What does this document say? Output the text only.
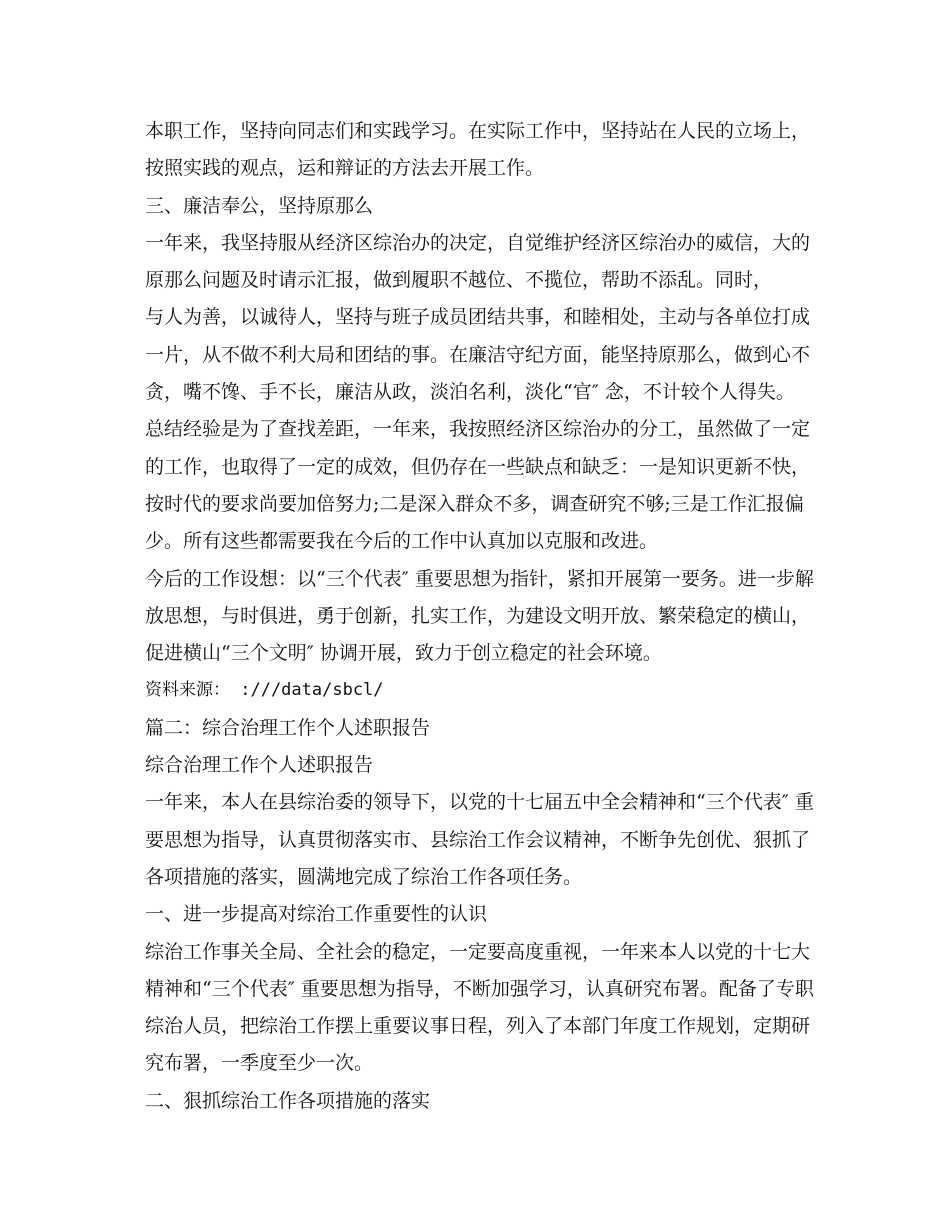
本职工作，坚持向同志们和实践学习。在实际工作中，坚持站在人民的立场上，

按照实践的观点，运和辩证的方法去开展工作。

三、廉洁奉公，坚持原那么

一年来，我坚持服从经济区综治办的决定，自觉维护经济区综治办的威信，大的

原那么问题及时请示汇报，做到履职不越位、不揽位，帮助不添乱。同时，

与人为善，以诚待人，坚持与班子成员团结共事，和睦相处，主动与各单位打成

一片，从不做不利大局和团结的事。在廉洁守纪方面，能坚持原那么，做到心不

贪，嘴不馋、手不长，廉洁从政，淡泊名利，淡化“官″ 念，不计较个人得失。

总结经验是为了查找差距，一年来，我按照经济区综治办的分工，虽然做了一定

的工作，也取得了一定的成效，但仍存在一些缺点和缺乏：一是知识更新不快，

按时代的要求尚要加倍努力;二是深入群众不多，调查研究不够;三是工作汇报偏

少。所有这些都需要我在今后的工作中认真加以克服和改进。

今后的工作设想：以“三个代表″ 重要思想为指针，紧扣开展第一要务。进一步解

放思想，与时俱进，勇于创新，扎实工作，为建设文明开放、繁荣稳定的横山，

促进横山“三个文明″ 协调开展，致力于创立稳定的社会环境。

资料来源： :///data/sbcl/

篇二：综合治理工作个人述职报告

综合治理工作个人述职报告

一年来，本人在县综治委的领导下，以党的十七届五中全会精神和“三个代表″ 重

要思想为指导，认真贯彻落实市、县综治工作会议精神，不断争先创优、狠抓了

各项措施的落实，圆满地完成了综治工作各项任务。

一、进一步提高对综治工作重要性的认识

综治工作事关全局、全社会的稳定，一定要高度重视，一年来本人以党的十七大

精神和“三个代表″ 重要思想为指导，不断加强学习，认真研究布署。配备了专职

综治人员，把综治工作摆上重要议事日程，列入了本部门年度工作规划，定期研

究布署，一季度至少一次。

二、狠抓综治工作各项措施的落实
